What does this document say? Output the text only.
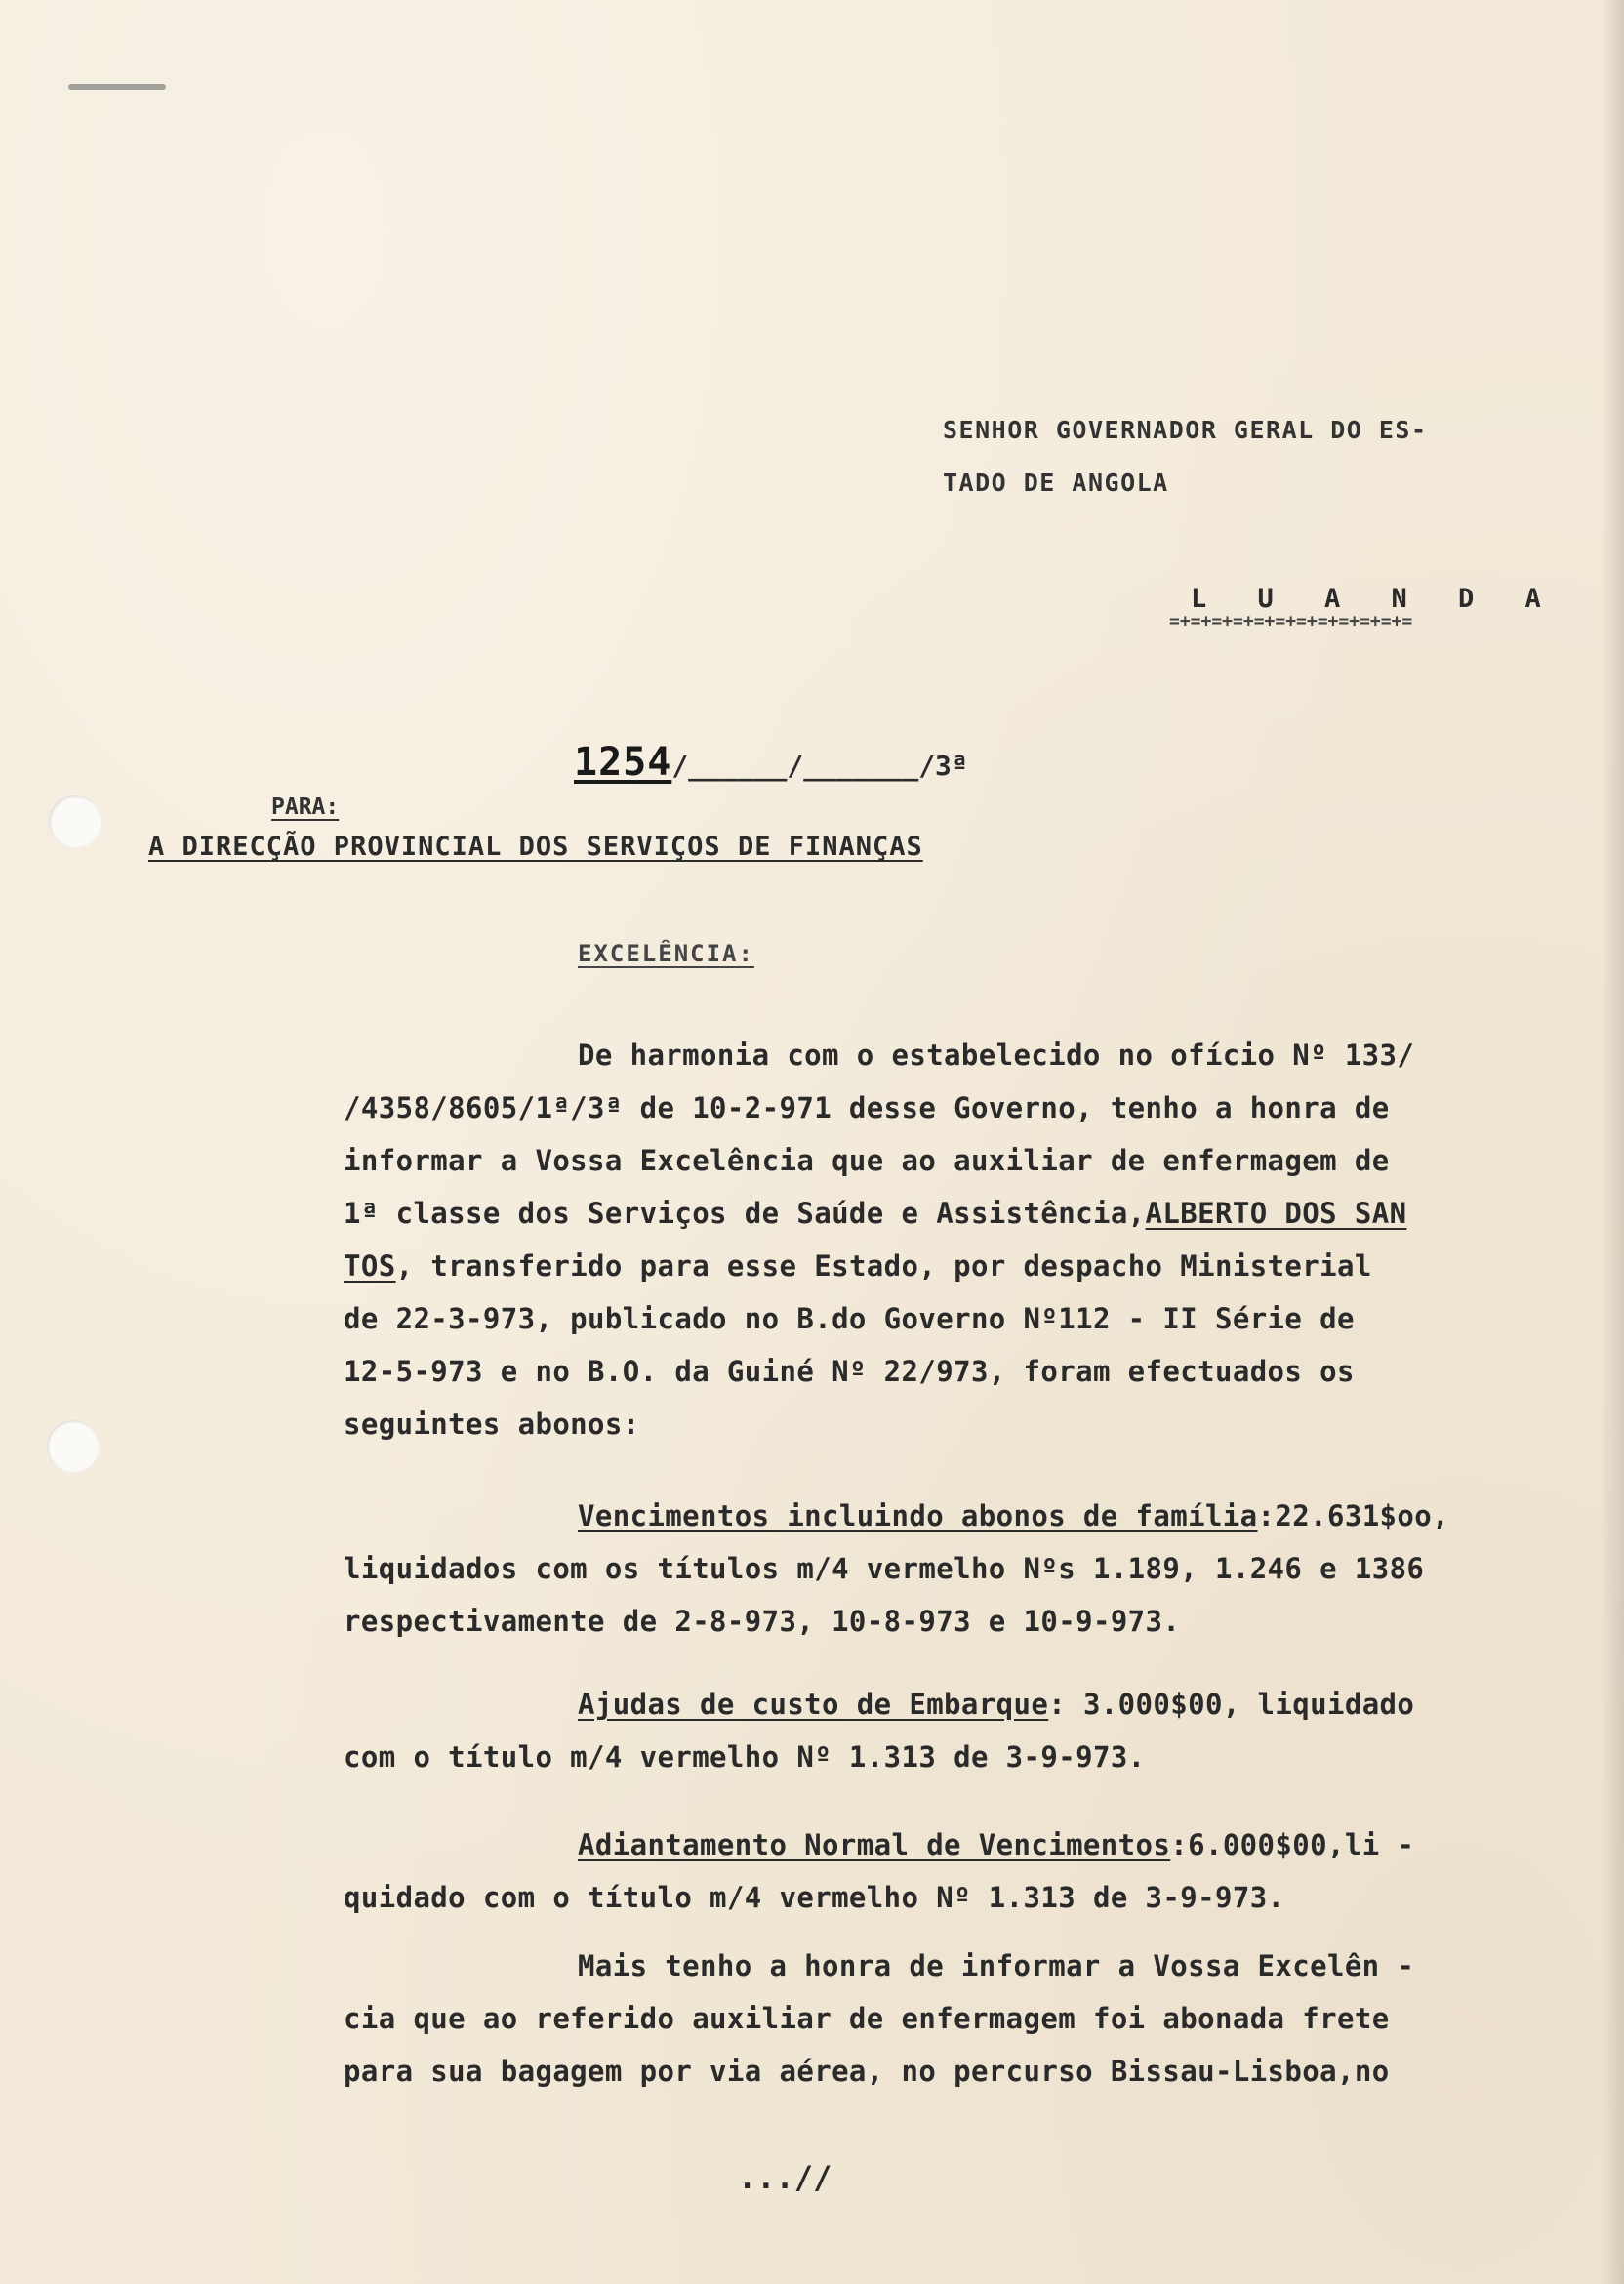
SENHOR GOVERNADOR GERAL DO ES-
TADO DE ANGOLA
L U A N D A
=+=+=+=+=+=+=+=+=+=+=+=
1254/______/_______/3ª
PARA:
A DIRECÇÃO PROVINCIAL DOS SERVIÇOS DE FINANÇAS
EXCELÊNCIA:
De harmonia com o estabelecido no ofício Nº 133/
/4358/8605/1ª/3ª de 10-2-971 desse Governo, tenho a honra de
informar a Vossa Excelência que ao auxiliar de enfermagem de
1ª classe dos Serviços de Saúde e Assistência,ALBERTO DOS SAN
TOS, transferido para esse Estado, por despacho Ministerial
de 22-3-973, publicado no B.do Governo Nº112 - II Série de
12-5-973 e no B.O. da Guiné Nº 22/973, foram efectuados os
seguintes abonos:
Vencimentos incluindo abonos de família:22.631$oo,
liquidados com os títulos m/4 vermelho Nºs 1.189, 1.246 e 1386
respectivamente de 2-8-973, 10-8-973 e 10-9-973.
Ajudas de custo de Embarque: 3.000$00, liquidado
com o título m/4 vermelho Nº 1.313 de 3-9-973.
Adiantamento Normal de Vencimentos:6.000$00,li -
quidado com o título m/4 vermelho Nº 1.313 de 3-9-973.
Mais tenho a honra de informar a Vossa Excelên -
cia que ao referido auxiliar de enfermagem foi abonada frete
para sua bagagem por via aérea, no percurso Bissau-Lisboa,no
...//
